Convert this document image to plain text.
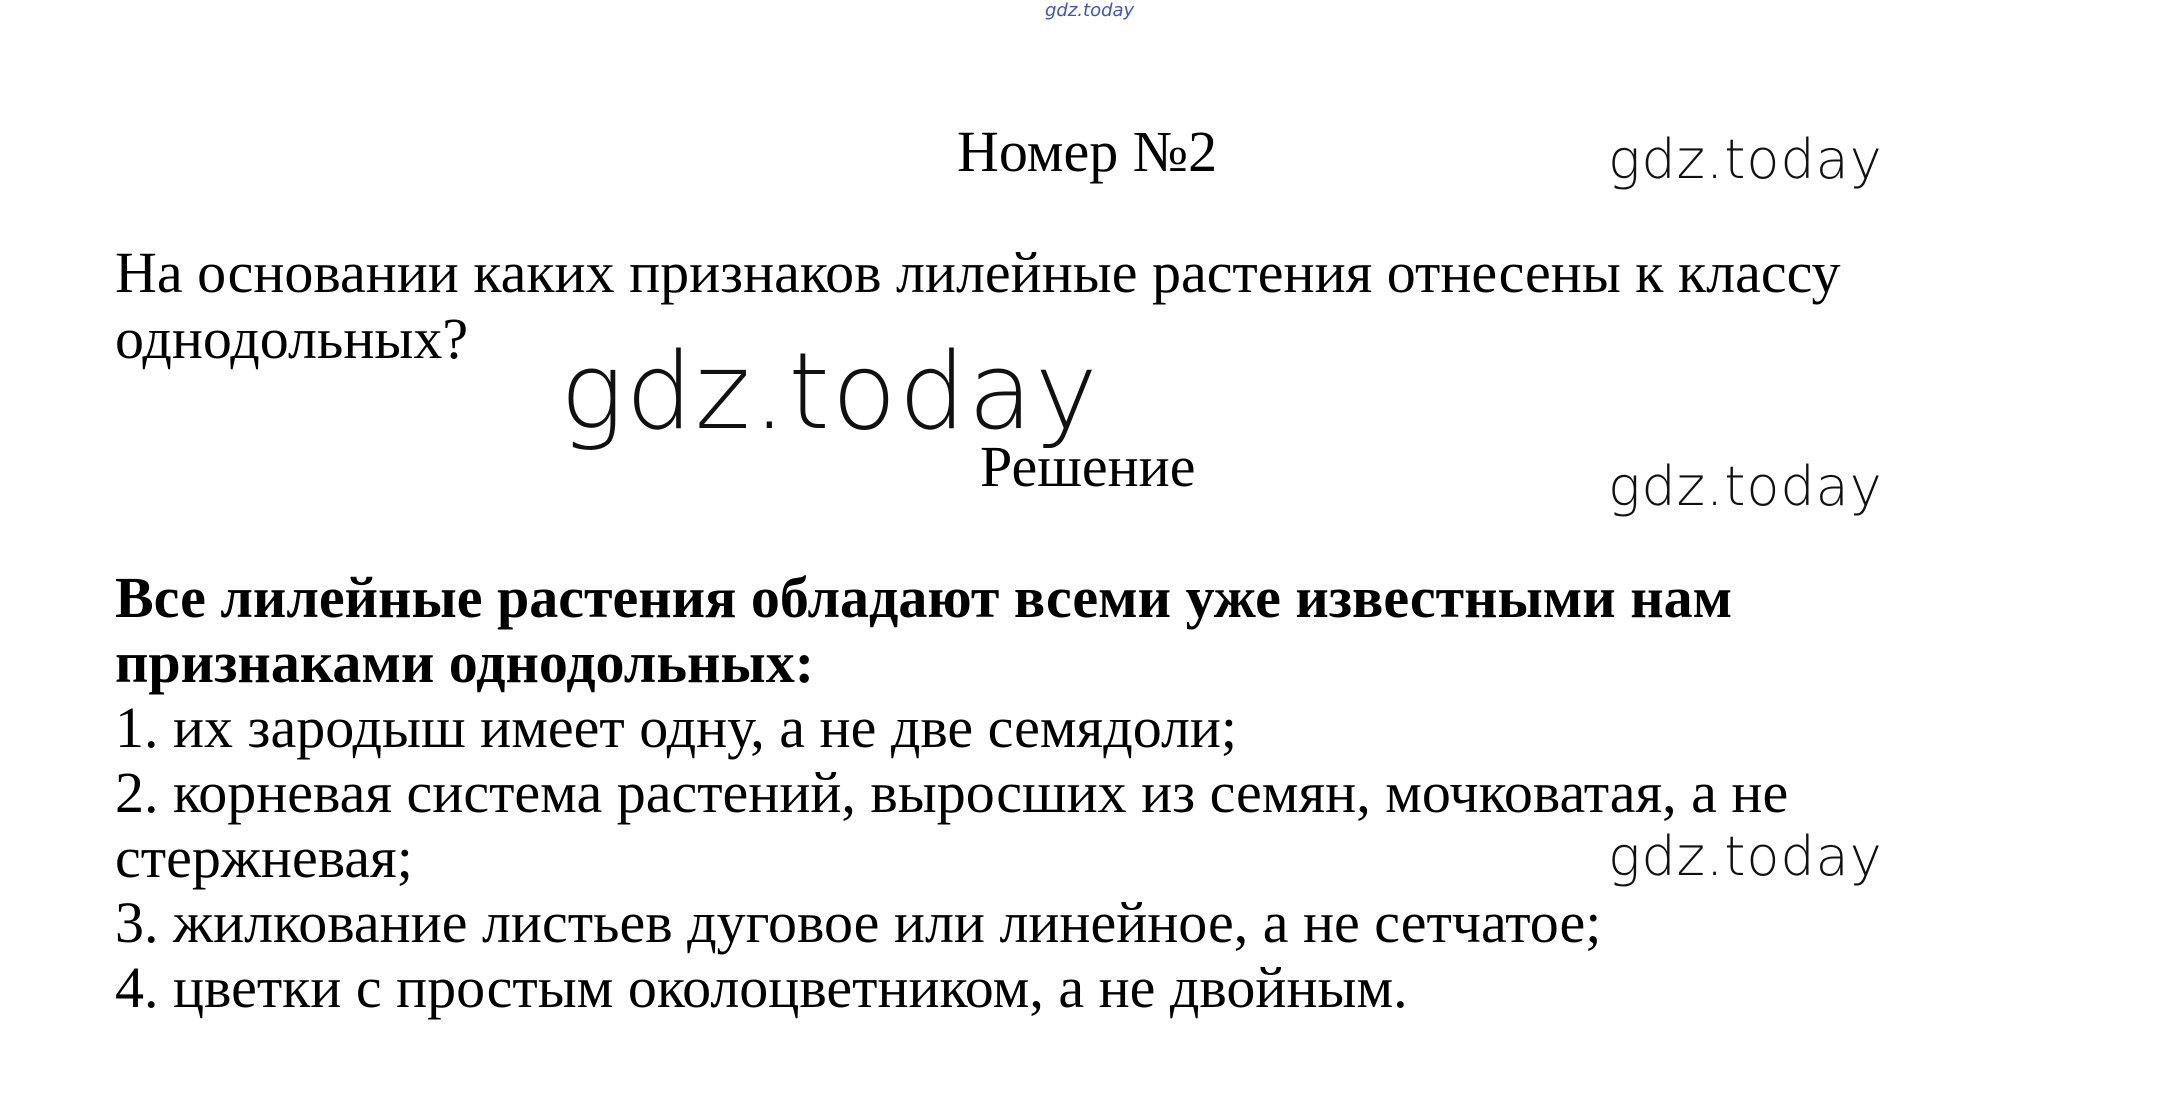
gdz.today
Номер №2	gdz.today
На основании каких признаков лилейные растения отнесены к классу однодольных? gdz.today
Решение	gdz.today
Все лилейные растения обладают всеми уже известными нам признаками однодольных:
1. их зародыш имеет одну, а не две семядоли;
2. корневая система растений, выросших из семян, мочковатая, а не стержневая;
3. жилкование листьев дуговое или линейное, а не сетчатое;
4. цветки с простым околоцветником, а не двойным.
gdz.today
